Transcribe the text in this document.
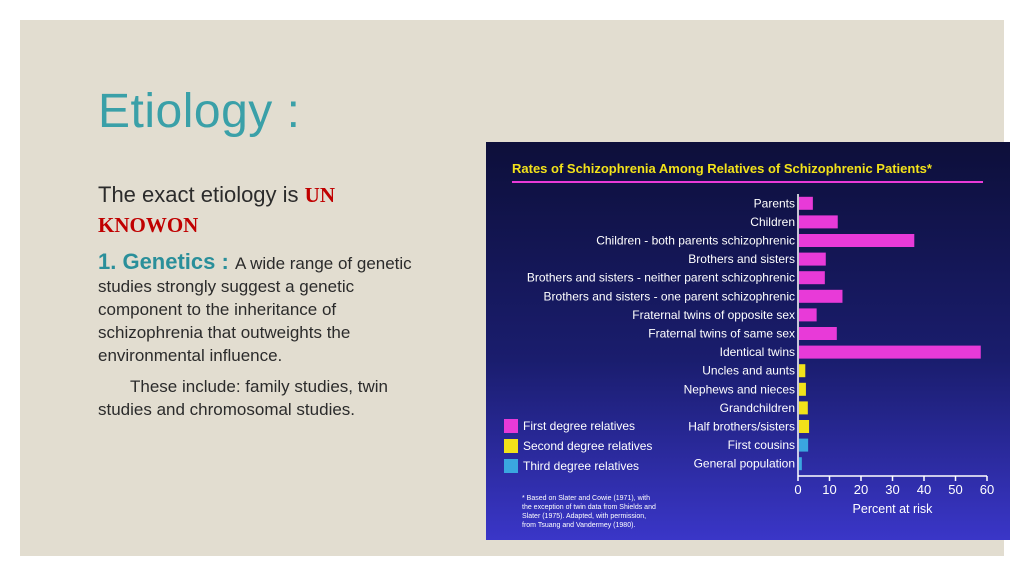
Etiology :

The exact etiology is UN KNOWON

1. Genetics : A wide range of genetic studies strongly suggest a genetic component to the inheritance of schizophrenia that outweights the environmental influence.

These include: family studies, twin studies and chromosomal studies.

Rates of Schizophrenia Among Relatives of Schizophrenic Patients*
Parents
Children
Children - both parents schizophrenic
Brothers and sisters
Brothers and sisters - neither parent schizophrenic
Brothers and sisters - one parent schizophrenic
Fraternal twins of opposite sex
Fraternal twins of same sex
Identical twins
Uncles and aunts
Nephews and nieces
Grandchildren
Half brothers/sisters
First cousins
General population
0 10 20 30 40 50 60
Percent at risk
First degree relatives
Second degree relatives
Third degree relatives
* Based on Slater and Cowie (1971), with
the exception of twin data from Shields and
Slater (1975). Adapted, with permission,
from Tsuang and Vandermey (1980).
